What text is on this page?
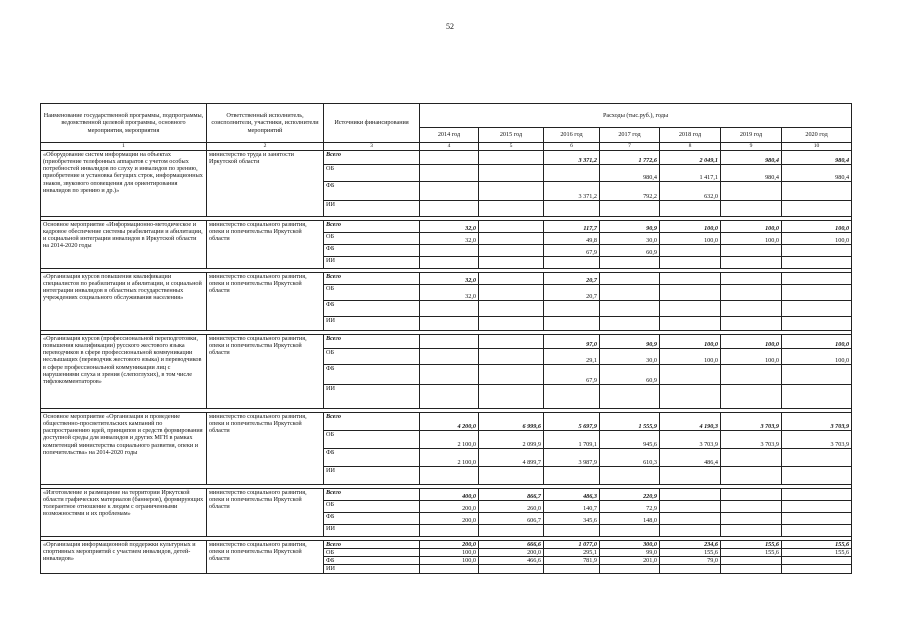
52
Наименование государственной программы, подпрограммы, ведомственной целевой программы, основного мероприятия, мероприятия	Ответственный исполнитель, соисполнители, участники, исполнители мероприятий	Источники финансирования	Расходы (тыс.руб.), годы						
			2014 год	2015 год	2016 год	2017 год	2018 год	2019 год	2020 год
1	2	3	4	5	6	7	8	9	10
«Оборудование систем информации на объектах (приобретение телефонных аппаратов с учетом особых потребностей инвалидов по слуху и инвалидов по зрению, приобретение и установка бегущих строк, информационных знаков, звукового оповещения для ориентирования инвалидов по зрению и др.)»	министерство труда и занятости Иркутской области	Всего			3 371,2	1 772,6	2 049,1	980,4	980,4
		ОБ				980,4	1 417,1	980,4	980,4
		ФБ			3 371,2	792,2	632,0		
		ИИ							

Основное мероприятие «Информационно-методическое и кадровое обеспечение системы реабилитации и абилитации, и социальной интеграции инвалидов в Иркутской области на 2014-2020 годы	министерство социального развития, опеки и попечительства Иркутской области	Всего	32,0		117,7	90,9	100,0	100,0	100,0
		ОБ	32,0		49,8	30,0	100,0	100,0	100,0
		ФБ			67,9	60,9			
		ИИ							

«Организация курсов повышения квалификации специалистов по реабилитации и абилитации, и социальной интеграции инвалидов в областных государственных учреждениях социального обслуживания населения»	министерство социального развития, опеки и попечительства Иркутской области	Всего	32,0		20,7				
		ОБ	32,0		20,7				
		ФБ							
		ИИ							

«Организация курсов (профессиональной переподготовки, повышения квалификации) русского жестового языка переводчиков в сфере профессиональной коммуникации неслышащих (переводчик жестового языка) и переводчиков в сфере профессиональной коммуникации лиц с нарушениями слуха и зрения (слепоглухих), в том числе тифлокомментаторов»	министерство социального развития, опеки и попечительства Иркутской области	Всего			97,0	90,9	100,0	100,0	100,0
		ОБ			29,1	30,0	100,0	100,0	100,0
		ФБ			67,9	60,9			
		ИИ							

Основное мероприятие «Организация и проведение общественно-просветительских кампаний по распространению идей, принципов и средств формирования доступной среды для инвалидов и других МГН в рамках компетенций министерства социального развития, опеки и попечительства» на 2014-2020 годы	министерство социального развития, опеки и попечительства Иркутской области	Всего	4 200,0	6 999,6	5 697,9	1 555,9	4 190,3	3 703,9	3 703,9
		ОБ	2 100,0	2 099,9	1 709,1	945,6	3 703,9	3 703,9	3 703,9
		ФБ	2 100,0	4 899,7	3 987,9	610,3	486,4		
		ИИ							

«Изготовление и размещение на территории Иркутской области графических материалов (баннеров), формирующих толерантное отношение к людям с ограниченными возможностями и их проблемам»	министерство социального развития, опеки и попечительства Иркутской области	Всего	400,0	866,7	486,3	220,9			
		ОБ	200,0	260,0	140,7	72,9			
		ФБ	200,0	606,7	345,6	148,0			
		ИИ							

«Организация информационной поддержки культурных и спортивных мероприятий с участием инвалидов, детей-инвалидов»	министерство социального развития, опеки и попечительства Иркутской области	Всего	200,0	666,6	1 077,0	300,0	234,6	155,6	155,6
		ОБ	100,0	200,0	295,1	99,0	155,6	155,6	155,6
		ФБ	100,0	466,6	781,9	201,0	79,0		
		ИИ							
